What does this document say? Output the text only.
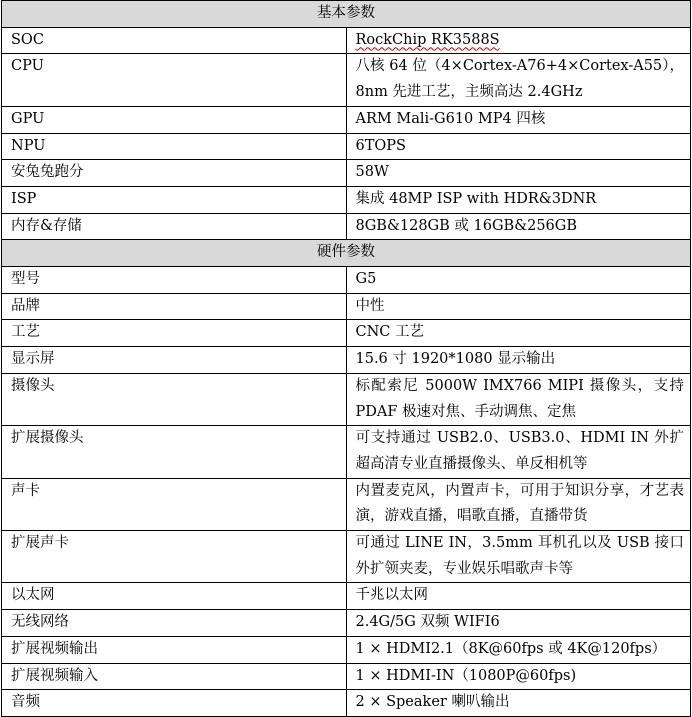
基本参数	
SOC	RockChip RK3588S
CPU	八核 64 位（4×Cortex-A76+4×Cortex-A55），8nm 先进工艺，主频高达 2.4GHz
GPU	ARM Mali-G610 MP4 四核
NPU	6TOPS
安兔兔跑分	58W
ISP	集成 48MP ISP with HDR&3DNR
内存&存储	8GB&128GB 或 16GB&256GB
硬件参数	
型号	G5
品牌	中性
工艺	CNC 工艺
显示屏	15.6 寸 1920*1080 显示输出
摄像头	标配索尼 5000W IMX766 MIPI 摄像头，支持 PDAF 极速对焦、手动调焦、定焦
扩展摄像头	可支持通过 USB2.0、USB3.0、HDMI IN 外扩超高清专业直播摄像头、单反相机等
声卡	内置麦克风，内置声卡，可用于知识分享，才艺表演，游戏直播，唱歌直播，直播带货
扩展声卡	可通过 LINE IN，3.5mm 耳机孔以及 USB 接口外扩领夹麦，专业娱乐唱歌声卡等
以太网	千兆以太网
无线网络	2.4G/5G 双频 WIFI6
扩展视频输出	1 × HDMI2.1（8K@60fps 或 4K@120fps）
扩展视频输入	1 × HDMI-IN（1080P@60fps)
音频	2 × Speaker 喇叭输出
